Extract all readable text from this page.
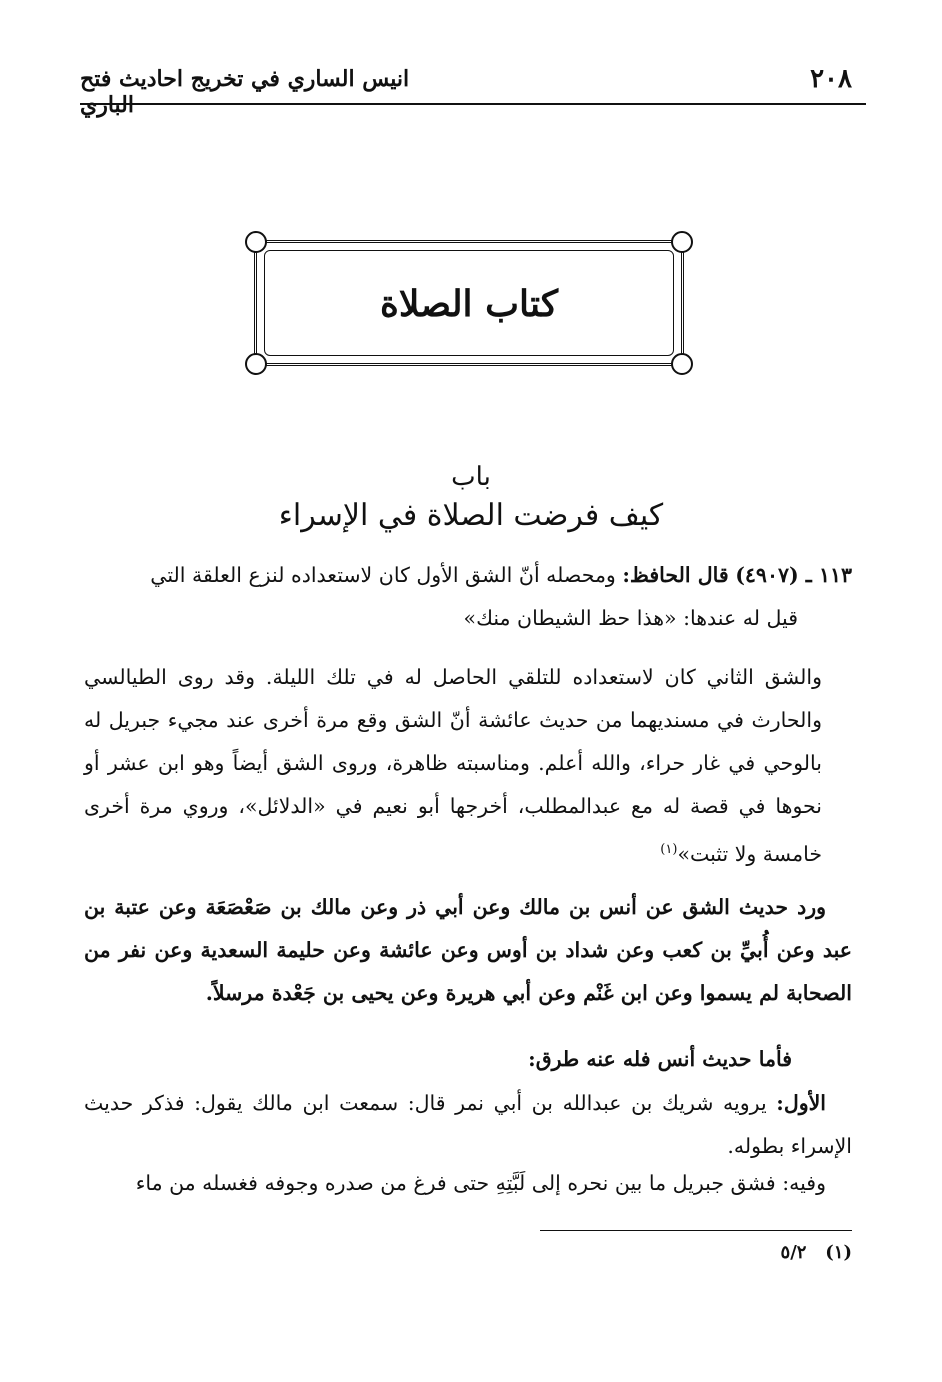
٢٠٨
انيس الساري في تخريج احاديث فتح الباري
كتاب الصلاة
باب
كيف فرضت الصلاة في الإسراء

١١٣ ـ (٤٩٠٧) قال الحافظ: ومحصله أنّ الشق الأول كان لاستعداده لنزع العلقة التي
قيل له عندها: «هذا حظ الشيطان منك»

والشق الثاني كان لاستعداده للتلقي الحاصل له في تلك الليلة. وقد روى الطيالسي والحارث في مسنديهما من حديث عائشة أنّ الشق وقع مرة أخرى عند مجيء جبريل له بالوحي في غار حراء، والله أعلم. ومناسبته ظاهرة، وروى الشق أيضاً وهو ابن عشر أو نحوها في قصة له مع عبدالمطلب، أخرجها أبو نعيم في «الدلائل»، وروي مرة أخرى خامسة ولا تثبت»$^{(١)}$

ورد حديث الشق عن أنس بن مالك وعن أبي ذر وعن مالك بن صَعْصَعَة وعن عتبة بن عبد وعن أُبيِّ بن كعب وعن شداد بن أوس وعن عائشة وعن حليمة السعدية وعن نفر من الصحابة لم يسموا وعن ابن غَنْم وعن أبي هريرة وعن يحيى بن جَعْدة مرسلاً.

فأما حديث أنس فله عنه طرق:

الأول: يرويه شريك بن عبدالله بن أبي نمر قال: سمعت ابن مالك يقول: فذكر حديث الإسراء بطوله.

وفيه: فشق جبريل ما بين نحره إلى لَبَّتِهِ حتى فرغ من صدره وجوفه فغسله من ماء

(١)   ٥/٢
